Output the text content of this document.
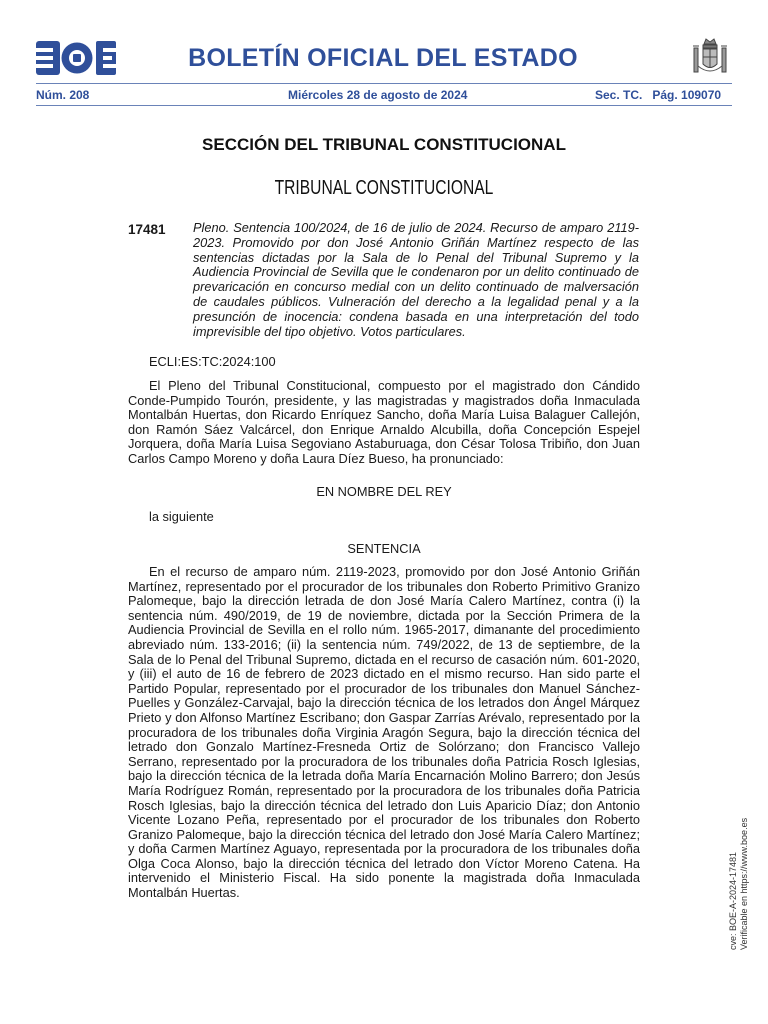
BOLETÍN OFICIAL DEL ESTADO
Núm. 208	Miércoles 28 de agosto de 2024	Sec. TC.   Pág. 109070
SECCIÓN DEL TRIBUNAL CONSTITUCIONAL
TRIBUNAL CONSTITUCIONAL
17481 Pleno. Sentencia 100/2024, de 16 de julio de 2024. Recurso de amparo 2119-2023. Promovido por don José Antonio Griñán Martínez respecto de las sentencias dictadas por la Sala de lo Penal del Tribunal Supremo y la Audiencia Provincial de Sevilla que le condenaron por un delito continuado de prevaricación en concurso medial con un delito continuado de malversación de caudales públicos. Vulneración del derecho a la legalidad penal y a la presunción de inocencia: condena basada en una interpretación del todo imprevisible del tipo objetivo. Votos particulares.

ECLI:ES:TC:2024:100

El Pleno del Tribunal Constitucional, compuesto por el magistrado don Cándido Conde-Pumpido Tourón, presidente, y las magistradas y magistrados doña Inmaculada Montalbán Huertas, don Ricardo Enríquez Sancho, doña María Luisa Balaguer Callejón, don Ramón Sáez Valcárcel, don Enrique Arnaldo Alcubilla, doña Concepción Espejel Jorquera, doña María Luisa Segoviano Astaburuaga, don César Tolosa Tribiño, don Juan Carlos Campo Moreno y doña Laura Díez Bueso, ha pronunciado:

EN NOMBRE DEL REY

la siguiente

SENTENCIA

En el recurso de amparo núm. 2119-2023, promovido por don José Antonio Griñán Martínez, representado por el procurador de los tribunales don Roberto Primitivo Granizo Palomeque, bajo la dirección letrada de don José María Calero Martínez, contra (i) la sentencia núm. 490/2019, de 19 de noviembre, dictada por la Sección Primera de la Audiencia Provincial de Sevilla en el rollo núm. 1965-2017, dimanante del procedimiento abreviado núm. 133-2016; (ii) la sentencia núm. 749/2022, de 13 de septiembre, de la Sala de lo Penal del Tribunal Supremo, dictada en el recurso de casación núm. 601-2020, y (iii) el auto de 16 de febrero de 2023 dictado en el mismo recurso. Han sido parte el Partido Popular, representado por el procurador de los tribunales don Manuel Sánchez-Puelles y González-Carvajal, bajo la dirección técnica de los letrados don Ángel Márquez Prieto y don Alfonso Martínez Escribano; don Gaspar Zarrías Arévalo, representado por la procuradora de los tribunales doña Virginia Aragón Segura, bajo la dirección técnica del letrado don Gonzalo Martínez-Fresneda Ortiz de Solórzano; don Francisco Vallejo Serrano, representado por la procuradora de los tribunales doña Patricia Rosch Iglesias, bajo la dirección técnica de la letrada doña María Encarnación Molino Barrero; don Jesús María Rodríguez Román, representado por la procuradora de los tribunales doña Patricia Rosch Iglesias, bajo la dirección técnica del letrado don Luis Aparicio Díaz; don Antonio Vicente Lozano Peña, representado por el procurador de los tribunales don Roberto Granizo Palomeque, bajo la dirección técnica del letrado don José María Calero Martínez; y doña Carmen Martínez Aguayo, representada por la procuradora de los tribunales doña Olga Coca Alonso, bajo la dirección técnica del letrado don Víctor Moreno Catena. Ha intervenido el Ministerio Fiscal. Ha sido ponente la magistrada doña Inmaculada Montalbán Huertas.	cve: BOE-A-2024-17481 Verificable en https://www.boe.es
